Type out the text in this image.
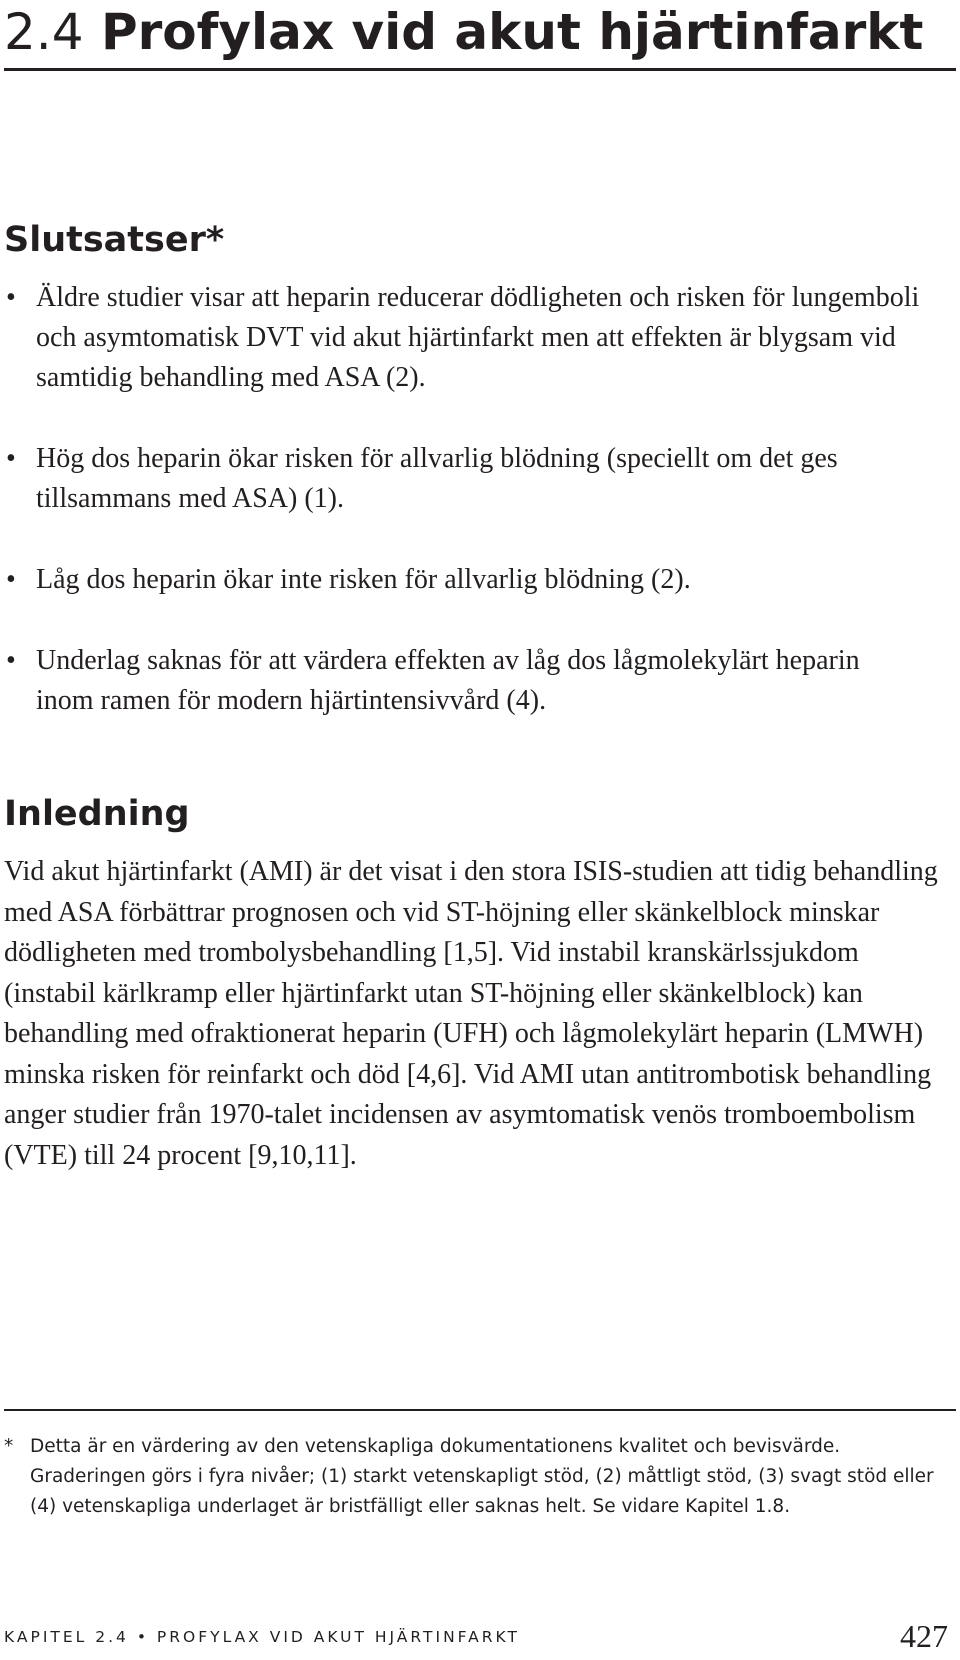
2.4 Profylax vid akut hjärtinfarkt
Slutsatser*
• Äldre studier visar att heparin reducerar dödligheten och risken för lungemboli och asymtomatisk DVT vid akut hjärtinfarkt men att effekten är blygsam vid samtidig behandling med ASA (2).
• Hög dos heparin ökar risken för allvarlig blödning (speciellt om det ges tillsammans med ASA) (1).
• Låg dos heparin ökar inte risken för allvarlig blödning (2).
• Underlag saknas för att värdera effekten av låg dos lågmolekylärt heparin inom ramen för modern hjärtintensivvård (4).
Inledning

Vid akut hjärtinfarkt (AMI) är det visat i den stora ISIS-studien att tidig behandling med ASA förbättrar prognosen och vid ST-höjning eller skänkelblock minskar dödligheten med trombolysbehandling [1,5]. Vid instabil kranskärlssjukdom (instabil kärlkramp eller hjärtinfarkt utan ST-höjning eller skänkelblock) kan behandling med ofraktionerat heparin (UFH) och lågmolekylärt heparin (LMWH) minska risken för reinfarkt och död [4,6]. Vid AMI utan antitrombotisk behandling anger studier från 1970-talet incidensen av asymtomatisk venös tromboembolism (VTE) till 24 procent [9,10,11].

* Detta är en värdering av den vetenskapliga dokumentationens kvalitet och bevisvärde. Graderingen görs i fyra nivåer; (1) starkt vetenskapligt stöd, (2) måttligt stöd, (3) svagt stöd eller (4) vetenskapliga underlaget är bristfälligt eller saknas helt. Se vidare Kapitel 1.8.

KAPITEL 2.4 • PROFYLAX VID AKUT HJÄRTINFARKT	427
